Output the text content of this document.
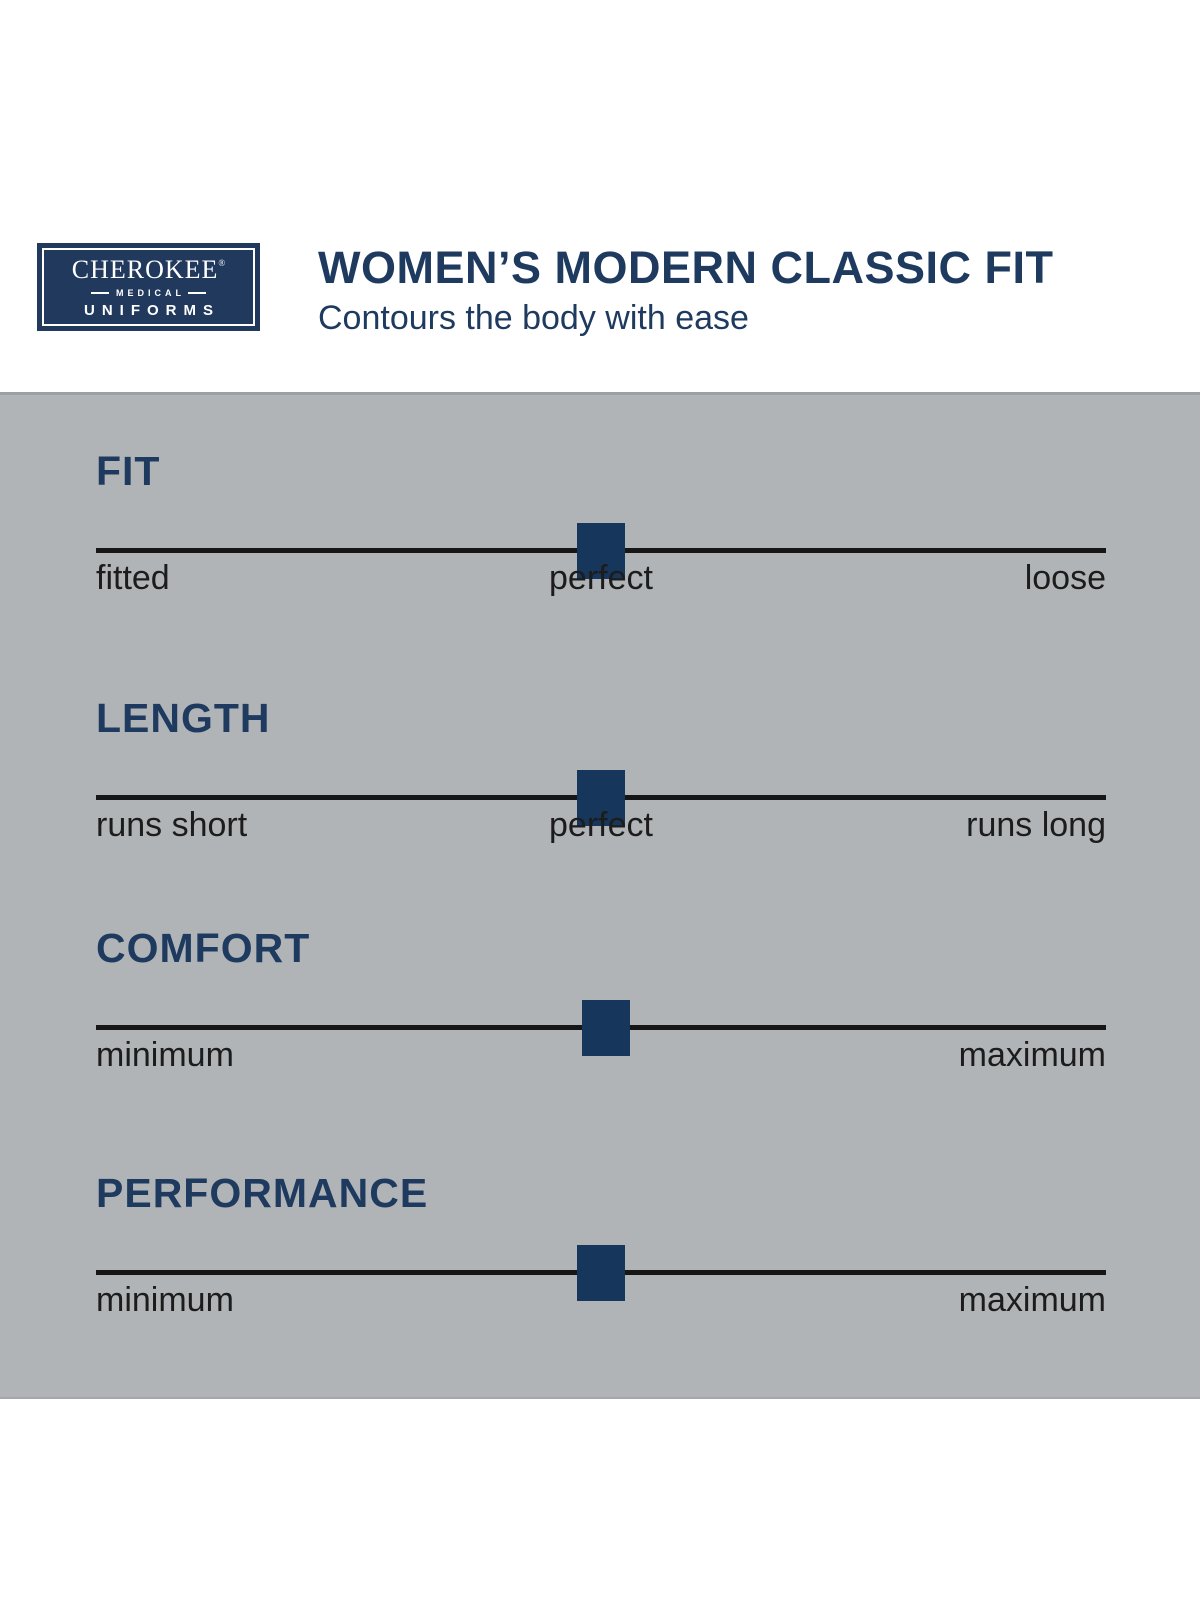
CHEROKEE®
MEDICAL
UNIFORMS
WOMEN’S MODERN CLASSIC FIT

Contours the body with ease

FIT
fitted	perfect	loose
LENGTH
runs short	perfect	runs long
COMFORT
minimum	maximum
PERFORMANCE
minimum	maximum
